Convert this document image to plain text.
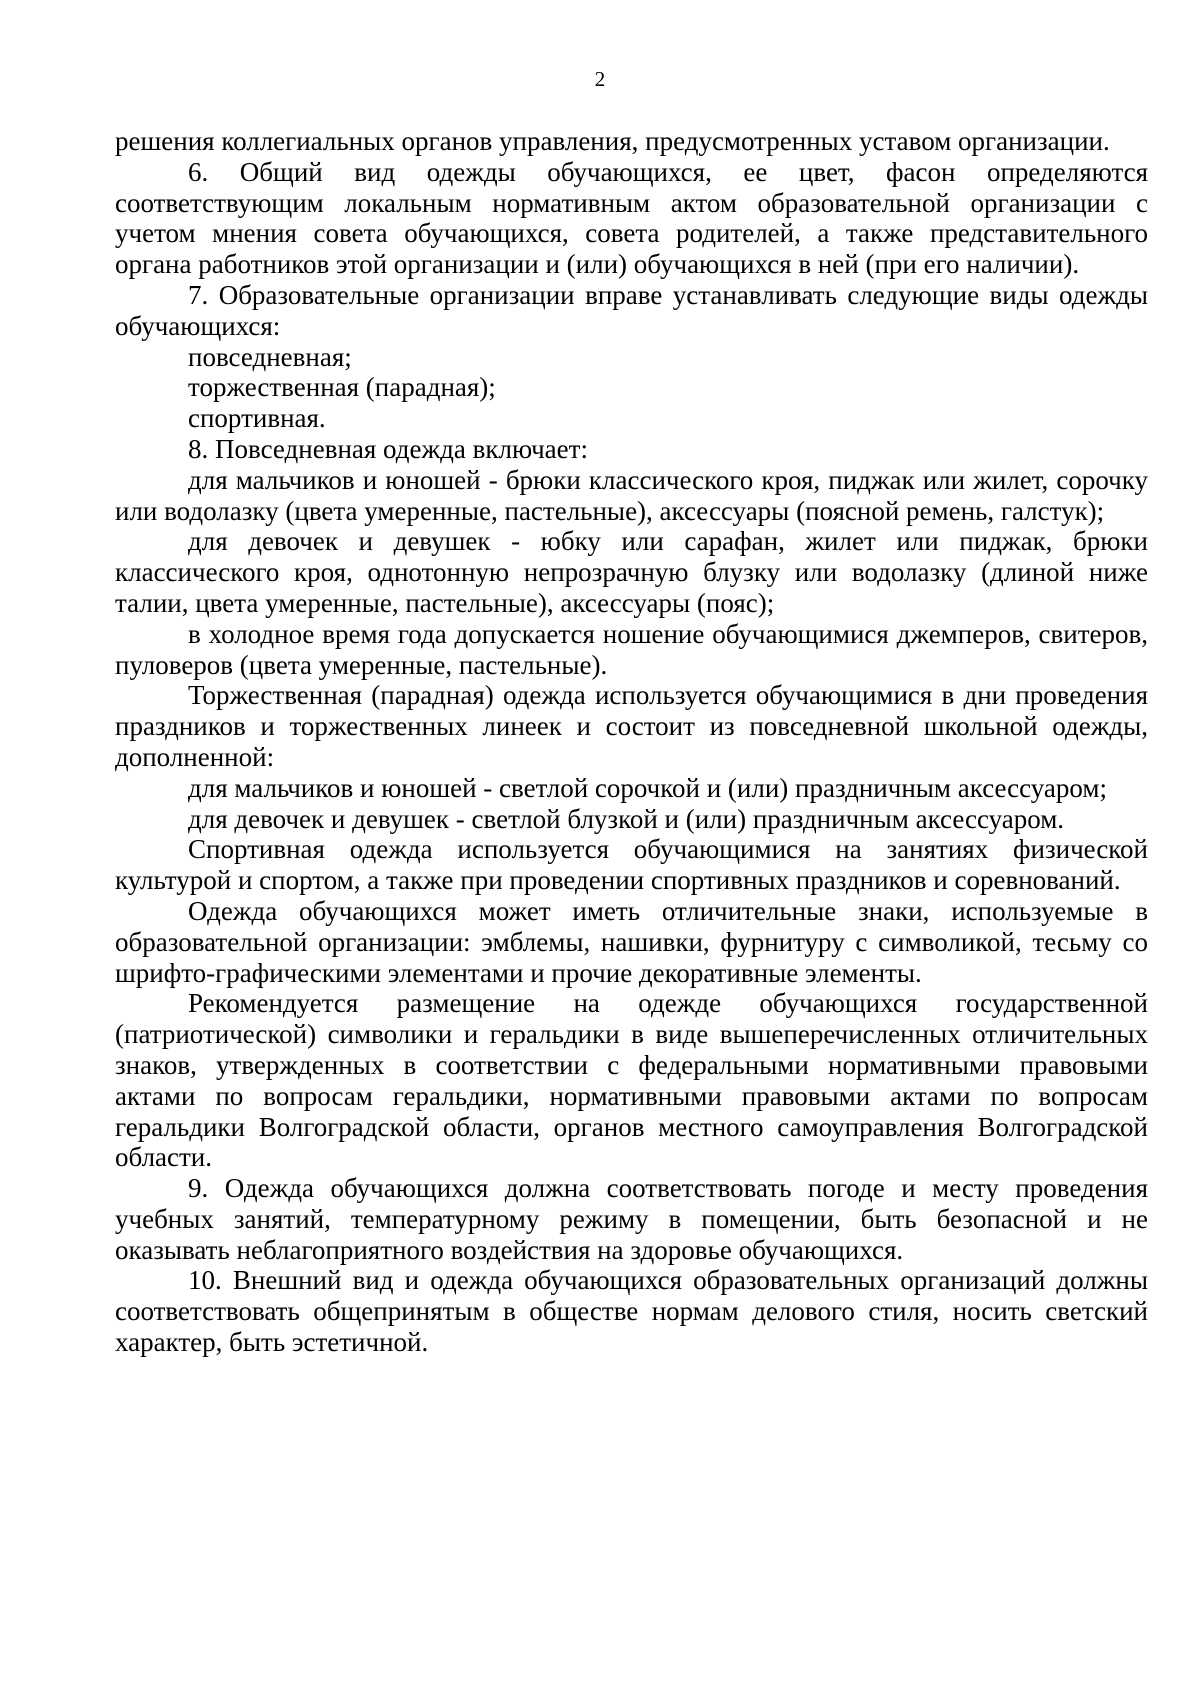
2

решения коллегиальных органов управления, предусмотренных уставом организации.

6. Общий вид одежды обучающихся, ее цвет, фасон определяются соответствующим локальным нормативным актом образовательной организации с учетом мнения совета обучающихся, совета родителей, а также представительного органа работников этой организации и (или) обучающихся в ней (при его наличии).

7. Образовательные организации вправе устанавливать следующие виды одежды обучающихся:

повседневная;

торжественная (парадная);

спортивная.

8. Повседневная одежда включает:

для мальчиков и юношей - брюки классического кроя, пиджак или жилет, сорочку или водолазку (цвета умеренные, пастельные), аксессуары (поясной ремень, галстук);

для девочек и девушек - юбку или сарафан, жилет или пиджак, брюки классического кроя, однотонную непрозрачную блузку или водолазку (длиной ниже талии, цвета умеренные, пастельные), аксессуары (пояс);

в холодное время года допускается ношение обучающимися джемперов, свитеров, пуловеров (цвета умеренные, пастельные).

Торжественная (парадная) одежда используется обучающимися в дни проведения праздников и торжественных линеек и состоит из повседневной школьной одежды, дополненной:

для мальчиков и юношей - светлой сорочкой и (или) праздничным аксессуаром;

для девочек и девушек - светлой блузкой и (или) праздничным аксессуаром.

Спортивная одежда используется обучающимися на занятиях физической культурой и спортом, а также при проведении спортивных праздников и соревнований.

Одежда обучающихся может иметь отличительные знаки, используемые в образовательной организации: эмблемы, нашивки, фурнитуру с символикой, тесьму со шрифто-графическими элементами и прочие декоративные элементы.

Рекомендуется размещение на одежде обучающихся государственной (патриотической) символики и геральдики в виде вышеперечисленных отличительных знаков, утвержденных в соответствии с федеральными нормативными правовыми актами по вопросам геральдики, нормативными правовыми актами по вопросам геральдики Волгоградской области, органов местного самоуправления Волгоградской области.

9. Одежда обучающихся должна соответствовать погоде и месту проведения учебных занятий, температурному режиму в помещении, быть безопасной и не оказывать неблагоприятного воздействия на здоровье обучающихся.

10. Внешний вид и одежда обучающихся образовательных организаций должны соответствовать общепринятым в обществе нормам делового стиля, носить светский характер, быть эстетичной.
